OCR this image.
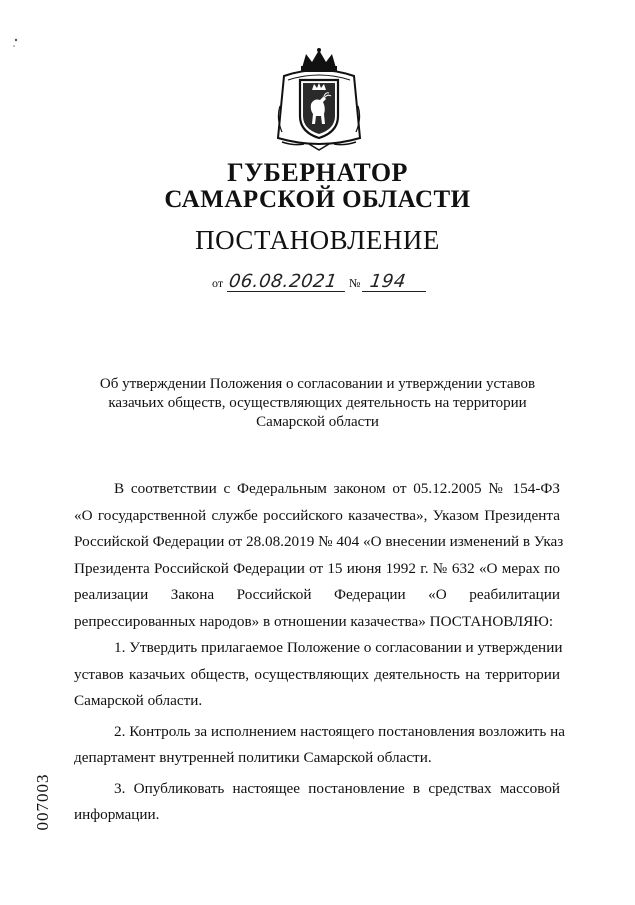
ГУБЕРНАТОР
САМАРСКОЙ ОБЛАСТИ
ПОСТАНОВЛЕНИЕ
от 06.08.2021 № 194
Об утверждении Положения о согласовании и утверждении уставов
казачьих обществ, осуществляющих деятельность на территории
Самарской области
В соответствии с Федеральным законом от 05.12.2005 № 154-ФЗ
«О государственной службе российского казачества», Указом Президента
Российской Федерации от 28.08.2019 № 404 «О внесении изменений в Указ
Президента Российской Федерации от 15 июня 1992 г. № 632 «О мерах по
реализации Закона Российской Федерации «О реабилитации
репрессированных народов» в отношении казачества» ПОСТАНОВЛЯЮ:
1. Утвердить прилагаемое Положение о согласовании и утверждении
уставов казачьих обществ, осуществляющих деятельность на территории
Самарской области.
2. Контроль за исполнением настоящего постановления возложить на
департамент внутренней политики Самарской области.
3. Опубликовать настоящее постановление в средствах массовой
информации.
007003
